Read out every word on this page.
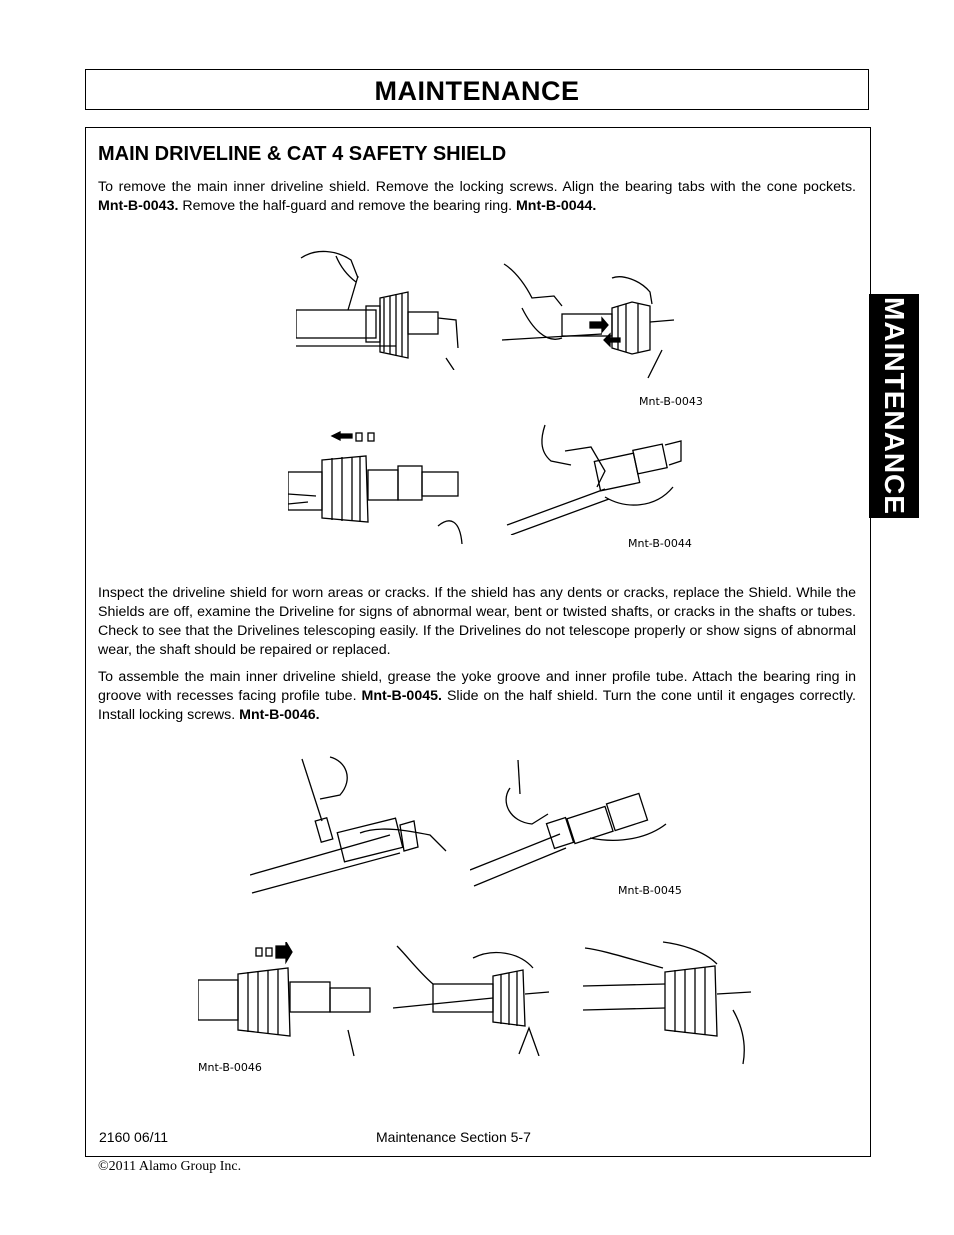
MAINTENANCE
MAIN DRIVELINE & CAT 4 SAFETY SHIELD
To remove the main inner driveline shield. Remove the locking screws. Align the bearing tabs with the cone pockets. Mnt-B-0043. Remove the half-guard and remove the bearing ring. Mnt-B-0044.
Mnt-B-0043
Mnt-B-0044
Inspect the driveline shield for worn areas or cracks. If the shield has any dents or cracks, replace the Shield. While the Shields are off, examine the Driveline for signs of abnormal wear, bent or twisted shafts, or cracks in the shafts or tubes. Check to see that the Drivelines telescoping easily. If the Drivelines do not telescope properly or show signs of abnormal wear, the shaft should be repaired or replaced.
To assemble the main inner driveline shield, grease the yoke groove and inner profile tube. Attach the bearing ring in groove with recesses facing profile tube. Mnt-B-0045. Slide on the half shield. Turn the cone until it engages correctly. Install locking screws. Mnt-B-0046.
Mnt-B-0045
Mnt-B-0046
MAINTENANCE
2160 06/11	Maintenance Section 5-7
©2011 Alamo Group Inc.
